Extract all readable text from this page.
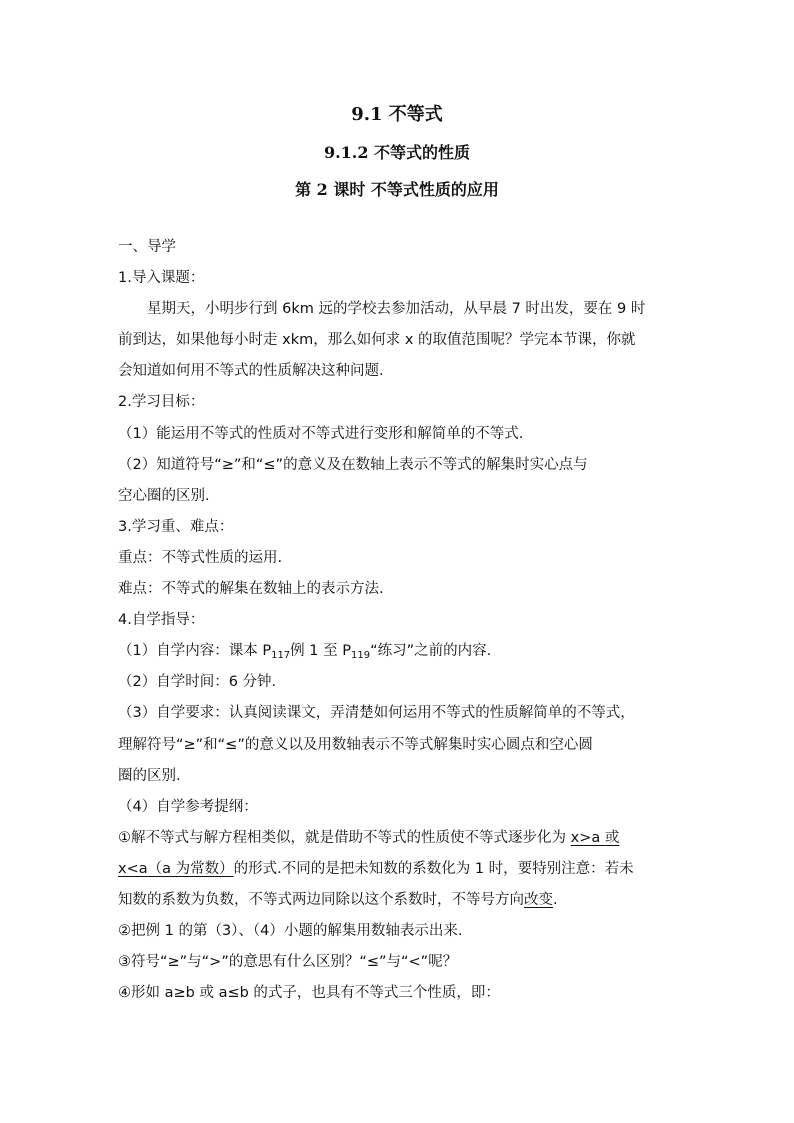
9.1 不等式
9.1.2 不等式的性质
第 2 课时 不等式性质的应用
一、导学
1.导入课题：
星期天，小明步行到 6km 远的学校去参加活动，从早晨 7 时出发，要在 9 时
前到达，如果他每小时走 xkm，那么如何求 x 的取值范围呢？学完本节课，你就
会知道如何用不等式的性质解决这种问题.
2.学习目标：
（1）能运用不等式的性质对不等式进行变形和解简单的不等式.
（2）知道符号“≥”和“≤”的意义及在数轴上表示不等式的解集时实心点与
空心圈的区别.
3.学习重、难点：
重点：不等式性质的运用.
难点：不等式的解集在数轴上的表示方法.
4.自学指导：
（1）自学内容：课本 $P_{117}$例 1 至 $P_{119}“$练习”之前的内容.
（2）自学时间：6 分钟.
（3）自学要求：认真阅读课文，弄清楚如何运用不等式的性质解简单的不等式，
理解符号“≥”和“≤”的意义以及用数轴表示不等式解集时实心圆点和空心圆
圈的区别.
（4）自学参考提纲：
①解不等式与解方程相类似，就是借助不等式的性质使不等式逐步化为 x>a 或
x<a（a 为常数）的形式.不同的是把未知数的系数化为 1 时，要特别注意：若未
知数的系数为负数，不等式两边同除以这个系数时，不等号方向改变.
②把例 1 的第（3）、（4）小题的解集用数轴表示出来.
③符号“≥”与“>”的意思有什么区别？“≤”与“<”呢？
④形如 a≥b 或 a≤b 的式子，也具有不等式三个性质，即：
